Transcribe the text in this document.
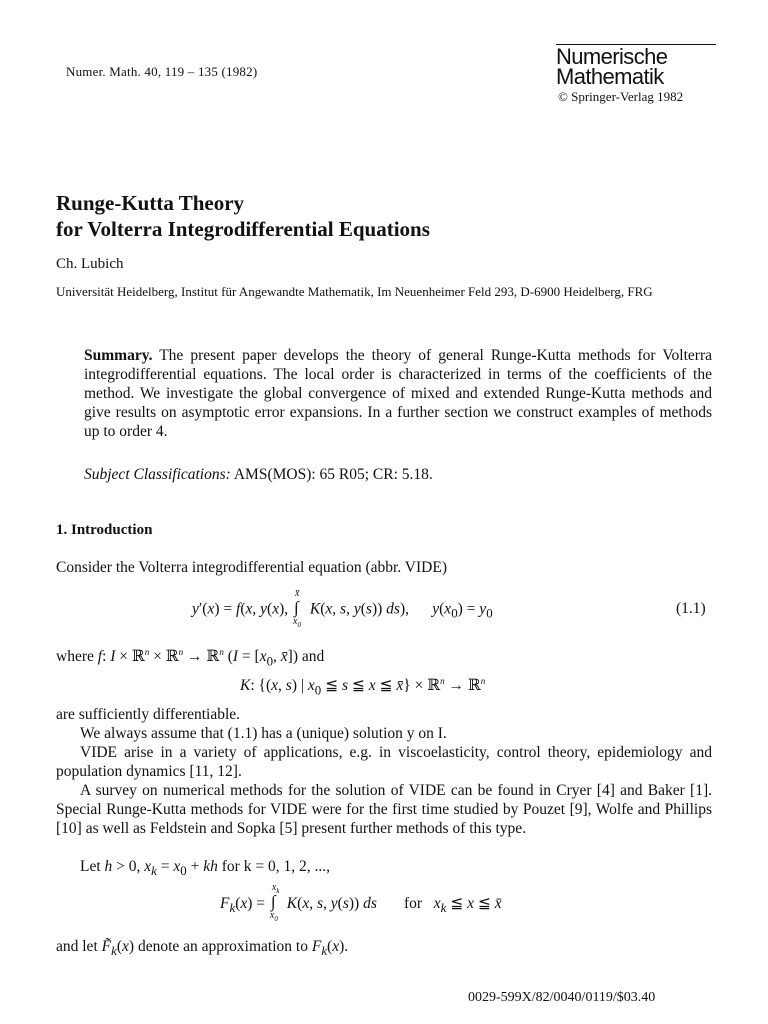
Numer. Math. 40, 119 – 135 (1982)
Numerische
Mathematik
© Springer-Verlag 1982
Runge-Kutta Theory
for Volterra Integrodifferential Equations
Ch. Lubich
Universität Heidelberg, Institut für Angewandte Mathematik, Im Neuenheimer Feld 293, D-6900 Heidelberg, FRG
Summary. The present paper develops the theory of general Runge-Kutta methods for Volterra integrodifferential equations. The local order is characterized in terms of the coefficients of the method. We investigate the global convergence of mixed and extended Runge-Kutta methods and give results on asymptotic error expansions. In a further section we construct examples of methods up to order 4.
Subject Classifications: AMS(MOS): 65 R05; CR: 5.18.
1. Introduction
Consider the Volterra integrodifferential equation (abbr. VIDE)
y′(x) = f(x, y(x),
x̄
∫
$x_0$
K(x, s, y(s)) ds),      $y(x_0) = y_0$	(1.1)
where f: I × ℝ$^n$ × ℝ$^n$ → ℝ$^n$ ($I = [x_0$, x̄]) and
K: {(x, s) | $x_0$ ≦ s ≦ x ≦ x̄} × ℝ$^n$ → ℝ$^n$
are sufficiently differentiable.
We always assume that (1.1) has a (unique) solution y on I.
VIDE arise in a variety of applications, e.g. in viscoelasticity, control theory, epidemiology and population dynamics [11, 12].
A survey on numerical methods for the solution of VIDE can be found in Cryer [4] and Baker [1]. Special Runge-Kutta methods for VIDE were for the first time studied by Pouzet [9], Wolfe and Phillips [10] as well as Feldstein and Sopka [5] present further methods of this type.
Let h > 0, $x_k = x_0$ + kh for k = 0, 1, 2, ...,
$F_k(x)$ =
$x_k$
∫
$x_0$
K(x, s, y(s)) ds for $x_k$ ≦ x ≦ x̄
and let $F̃_k(x)$ denote an approximation to $F_k(x)$.
0029-599X/82/0040/0119/$03.40
